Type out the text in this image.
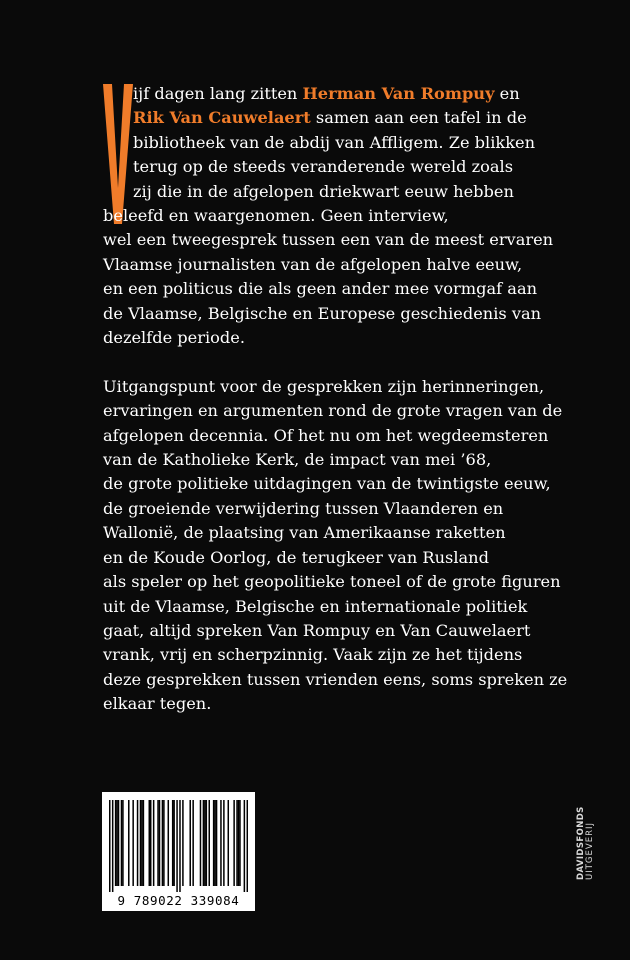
ijf dagen lang zitten Herman Van Rompuy en
Rik Van Cauwelaert samen aan een tafel in de
bibliotheek van de abdij van Affligem. Ze blikken
terug op de steeds veranderende wereld zoals
zij die in de afgelopen driekwart eeuw hebben
beleefd en waargenomen. Geen interview,
wel een tweegesprek tussen een van de meest ervaren
Vlaamse journalisten van de afgelopen halve eeuw,
en een politicus die als geen ander mee vormgaf aan
de Vlaamse, Belgische en Europese geschiedenis van
dezelfde periode.

Uitgangspunt voor de gesprekken zijn herinneringen,
ervaringen en argumenten rond de grote vragen van de
afgelopen decennia. Of het nu om het wegdeemsteren
van de Katholieke Kerk, de impact van mei ’68,
de grote politieke uitdagingen van de twintigste eeuw,
de groeiende verwijdering tussen Vlaanderen en
Wallonië, de plaatsing van Amerikaanse raketten
en de Koude Oorlog, de terugkeer van Rusland
als speler op het geopolitieke toneel of de grote figuren
uit de Vlaamse, Belgische en internationale politiek
gaat, altijd spreken Van Rompuy en Van Cauwelaert
vrank, vrij en scherpzinnig. Vaak zijn ze het tijdens
deze gesprekken tussen vrienden eens, soms spreken ze
elkaar tegen.

9 789022 339084
DAVIDSFONDS UITGEVERIJ
